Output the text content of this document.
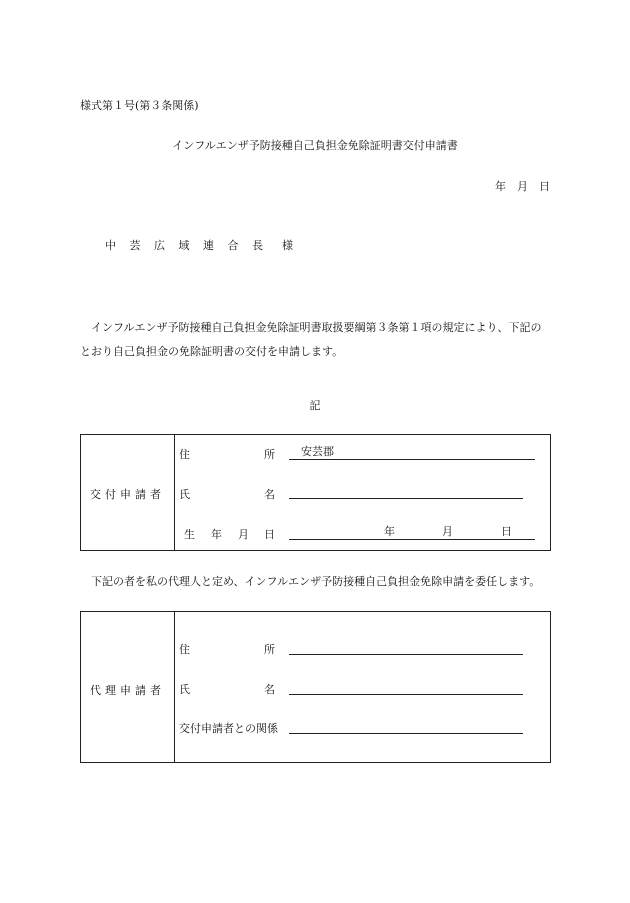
様式第１号(第３条関係)
インフルエンザ予防接種自己負担金免除証明書交付申請書
年　月　日
中 芸 広 域 連 合 長 様
インフルエンザ予防接種自己負担金免除証明書取扱要綱第３条第１項の規定により、下記のとおり自己負担金の免除証明書の交付を申請します。
記
交付申請者
住	所 安芸郡
氏	名
生 年 月 日	年	月	日
下記の者を私の代理人と定め、インフルエンザ予防接種自己負担金免除申請を委任します。
代理申請者
住	所
氏	名
交付申請者との関係
